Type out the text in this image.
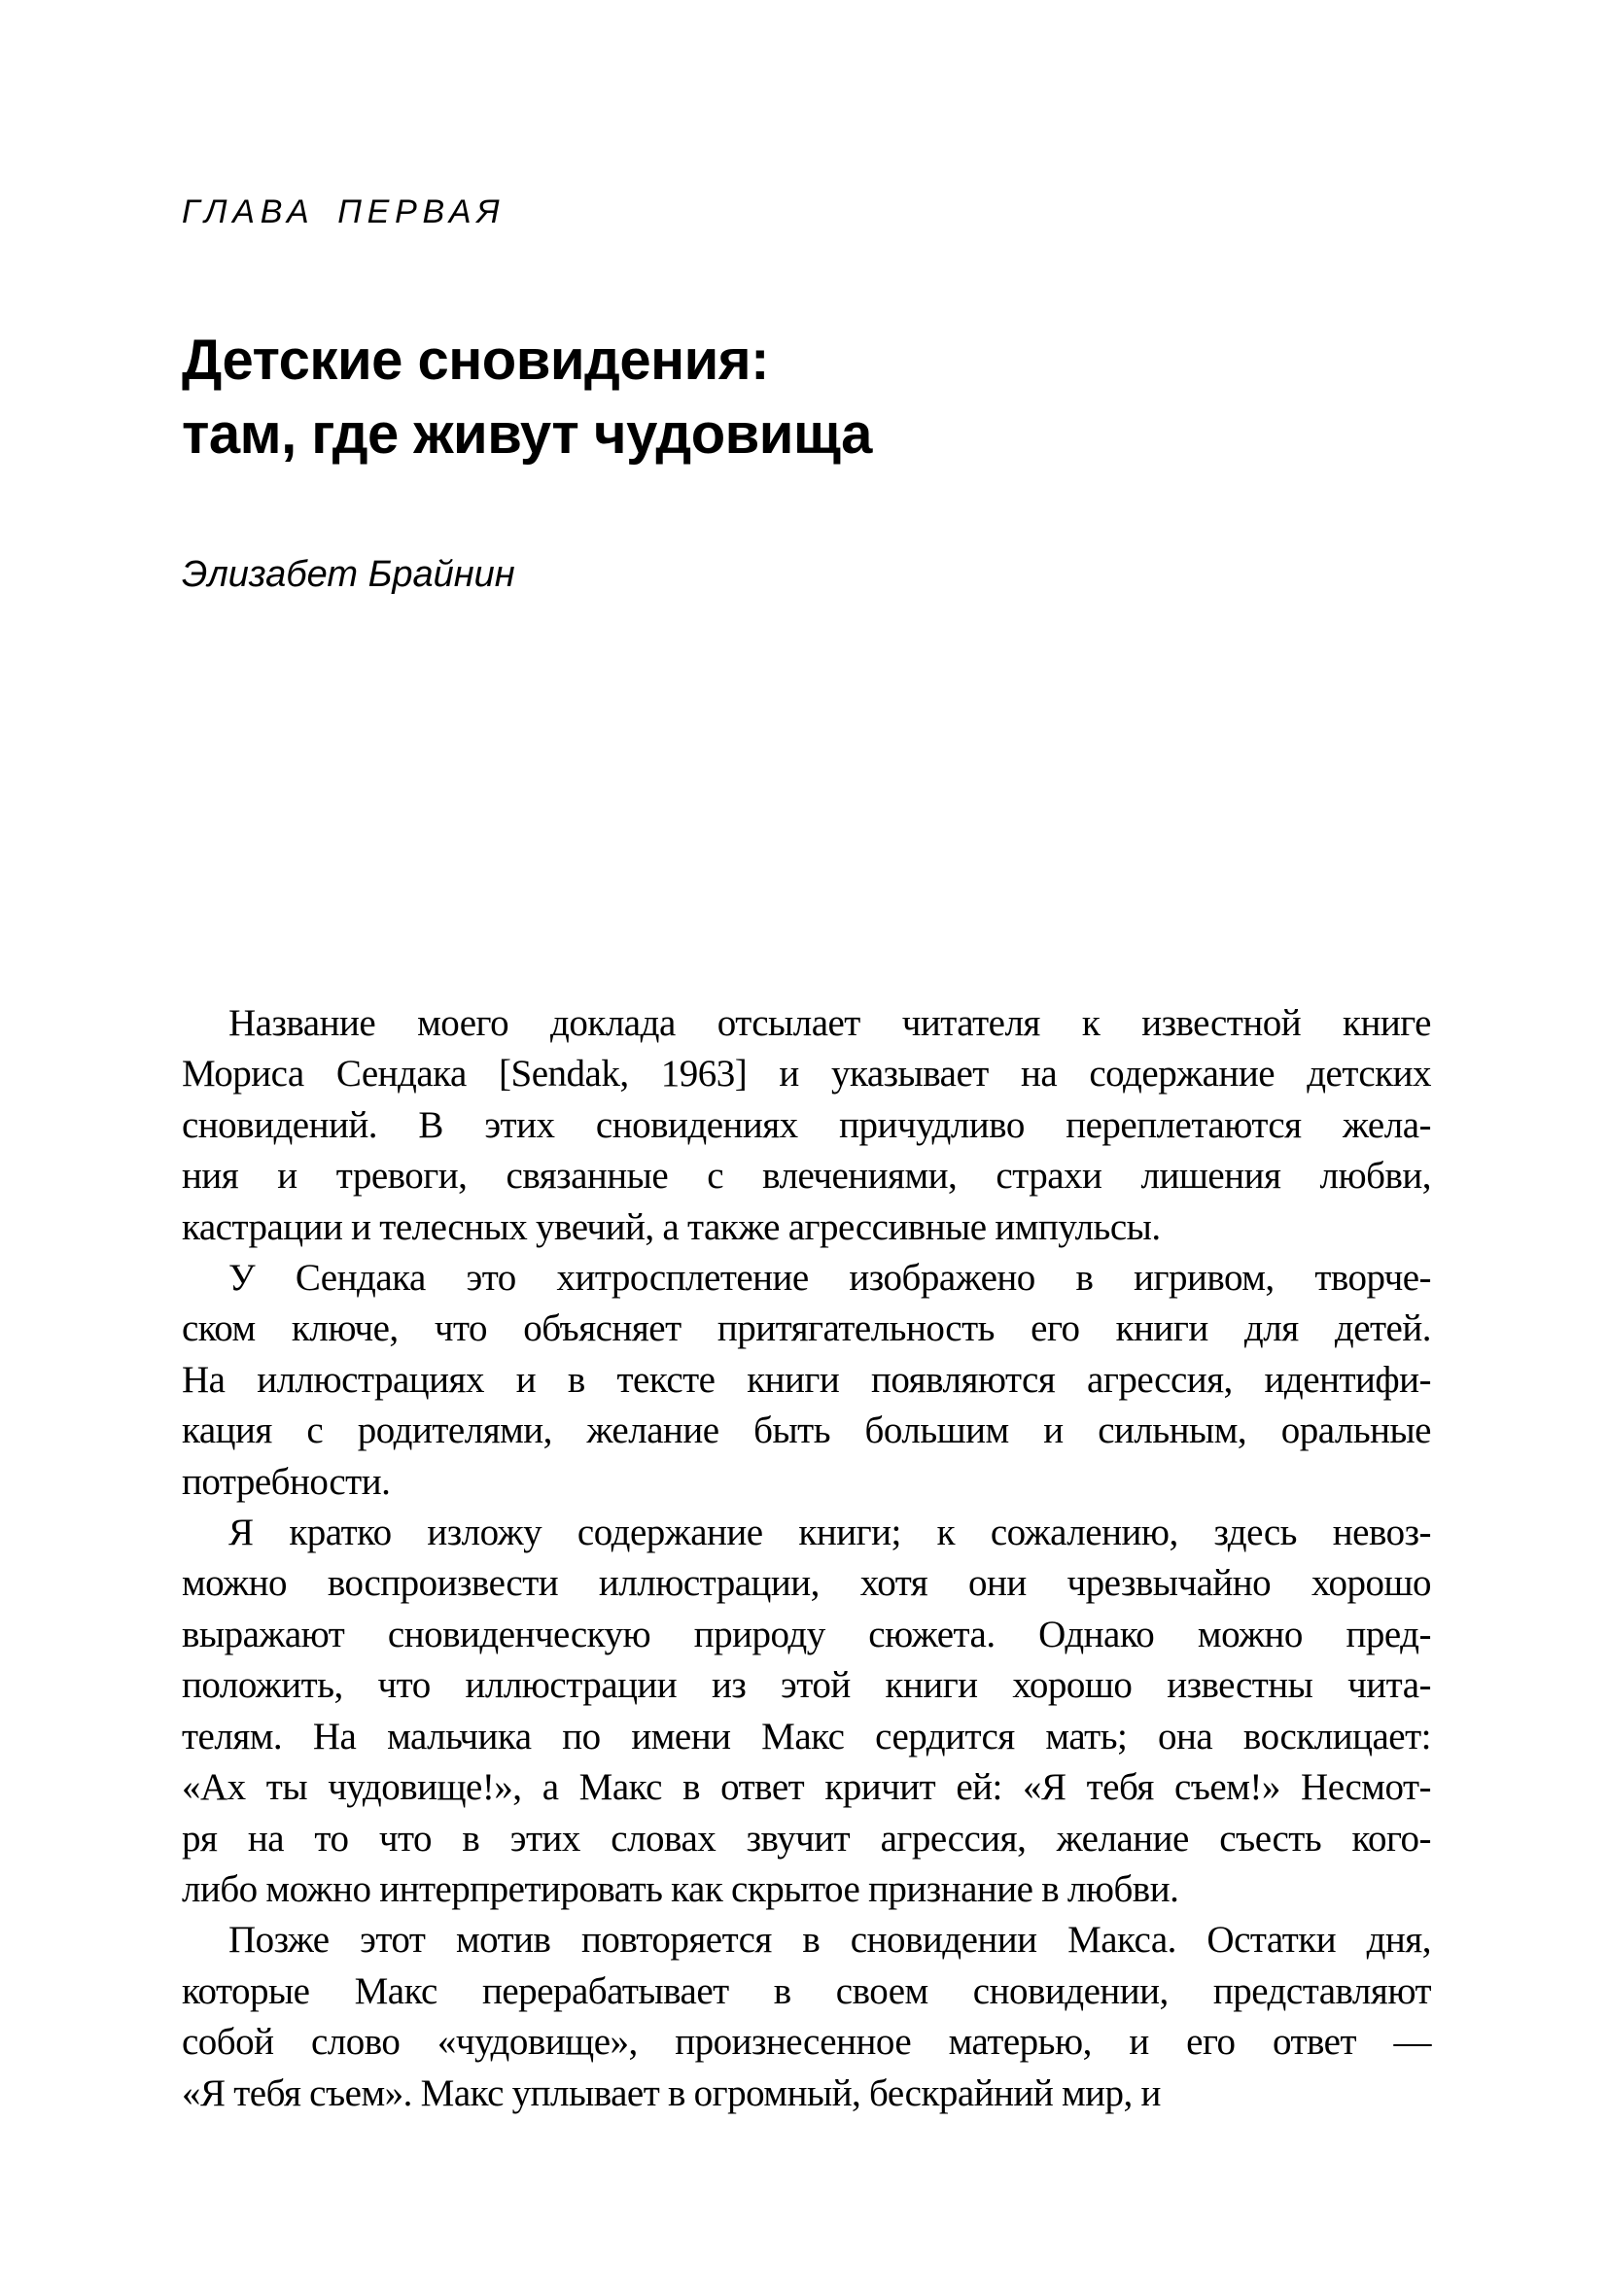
ГЛАВА ПЕРВАЯ
Детские сновидения:
там, где живут чудовища
Элизабет Брайнин
Название моего доклада отсылает читателя к известной книге
Мориса Сендака [Sendak, 1963] и указывает на содержание детских
сновидений. В этих сновидениях причудливо переплетаются жела-
ния и тревоги, связанные с влечениями, страхи лишения любви,
кастрации и телесных увечий, а также агрессивные импульсы.
У Сендака это хитросплетение изображено в игривом, творче-
ском ключе, что объясняет притягательность его книги для детей.
На иллюстрациях и в тексте книги появляются агрессия, идентифи-
кация с родителями, желание быть большим и сильным, оральные
потребности.
Я кратко изложу содержание книги; к сожалению, здесь невоз-
можно воспроизвести иллюстрации, хотя они чрезвычайно хорошо
выражают сновиденческую природу сюжета. Однако можно пред-
положить, что иллюстрации из этой книги хорошо известны чита-
телям. На мальчика по имени Макс сердится мать; она восклицает:
«Ах ты чудовище!», а Макс в ответ кричит ей: «Я тебя съем!» Несмот-
ря на то что в этих словах звучит агрессия, желание съесть кого-
либо можно интерпретировать как скрытое признание в любви.
Позже этот мотив повторяется в сновидении Макса. Остатки дня,
которые Макс перерабатывает в своем сновидении, представляют
собой слово «чудовище», произнесенное матерью, и его ответ —
«Я тебя съем». Макс уплывает в огромный, бескрайний мир, и
